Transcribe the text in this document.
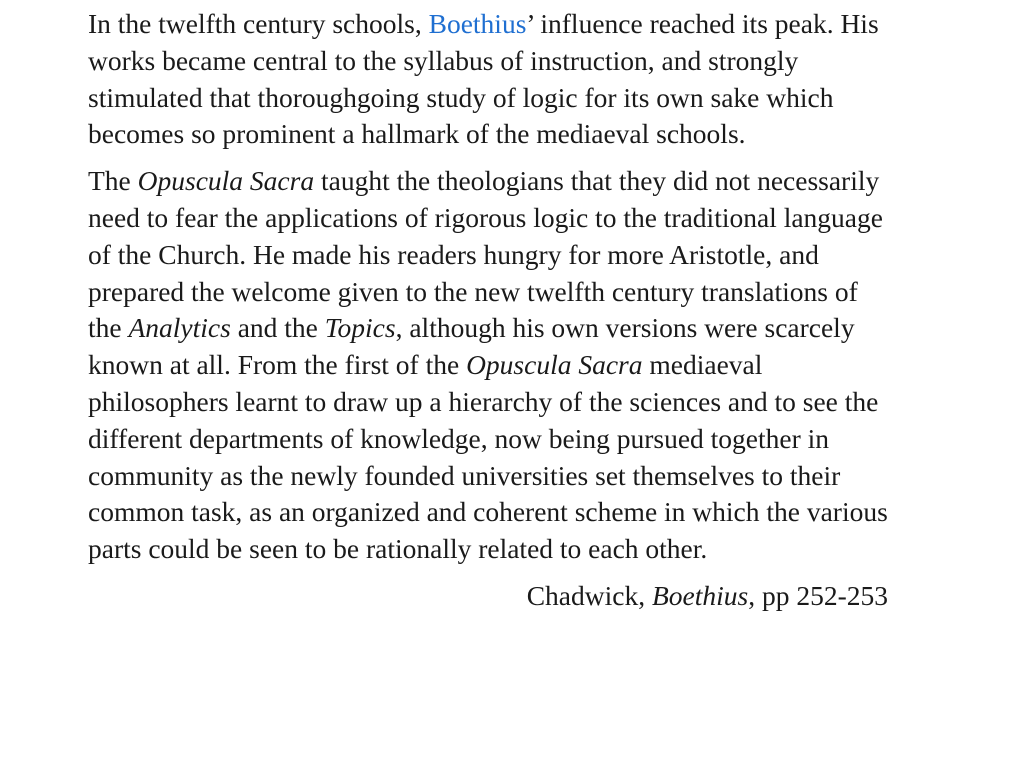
In the twelfth century schools, Boethius’ influence reached its peak. His works became central to the syllabus of instruction, and strongly stimulated that thoroughgoing study of logic for its own sake which becomes so prominent a hallmark of the mediaeval schools.

The Opuscula Sacra taught the theologians that they did not necessarily need to fear the applications of rigorous logic to the traditional language of the Church. He made his readers hungry for more Aristotle, and prepared the welcome given to the new twelfth century translations of the Analytics and the Topics, although his own versions were scarcely known at all. From the first of the Opuscula Sacra mediaeval philosophers learnt to draw up a hierarchy of the sciences and to see the different departments of knowledge, now being pursued together in community as the newly founded universities set themselves to their common task, as an organized and coherent scheme in which the various parts could be seen to be rationally related to each other.

Chadwick, Boethius, pp 252-253
